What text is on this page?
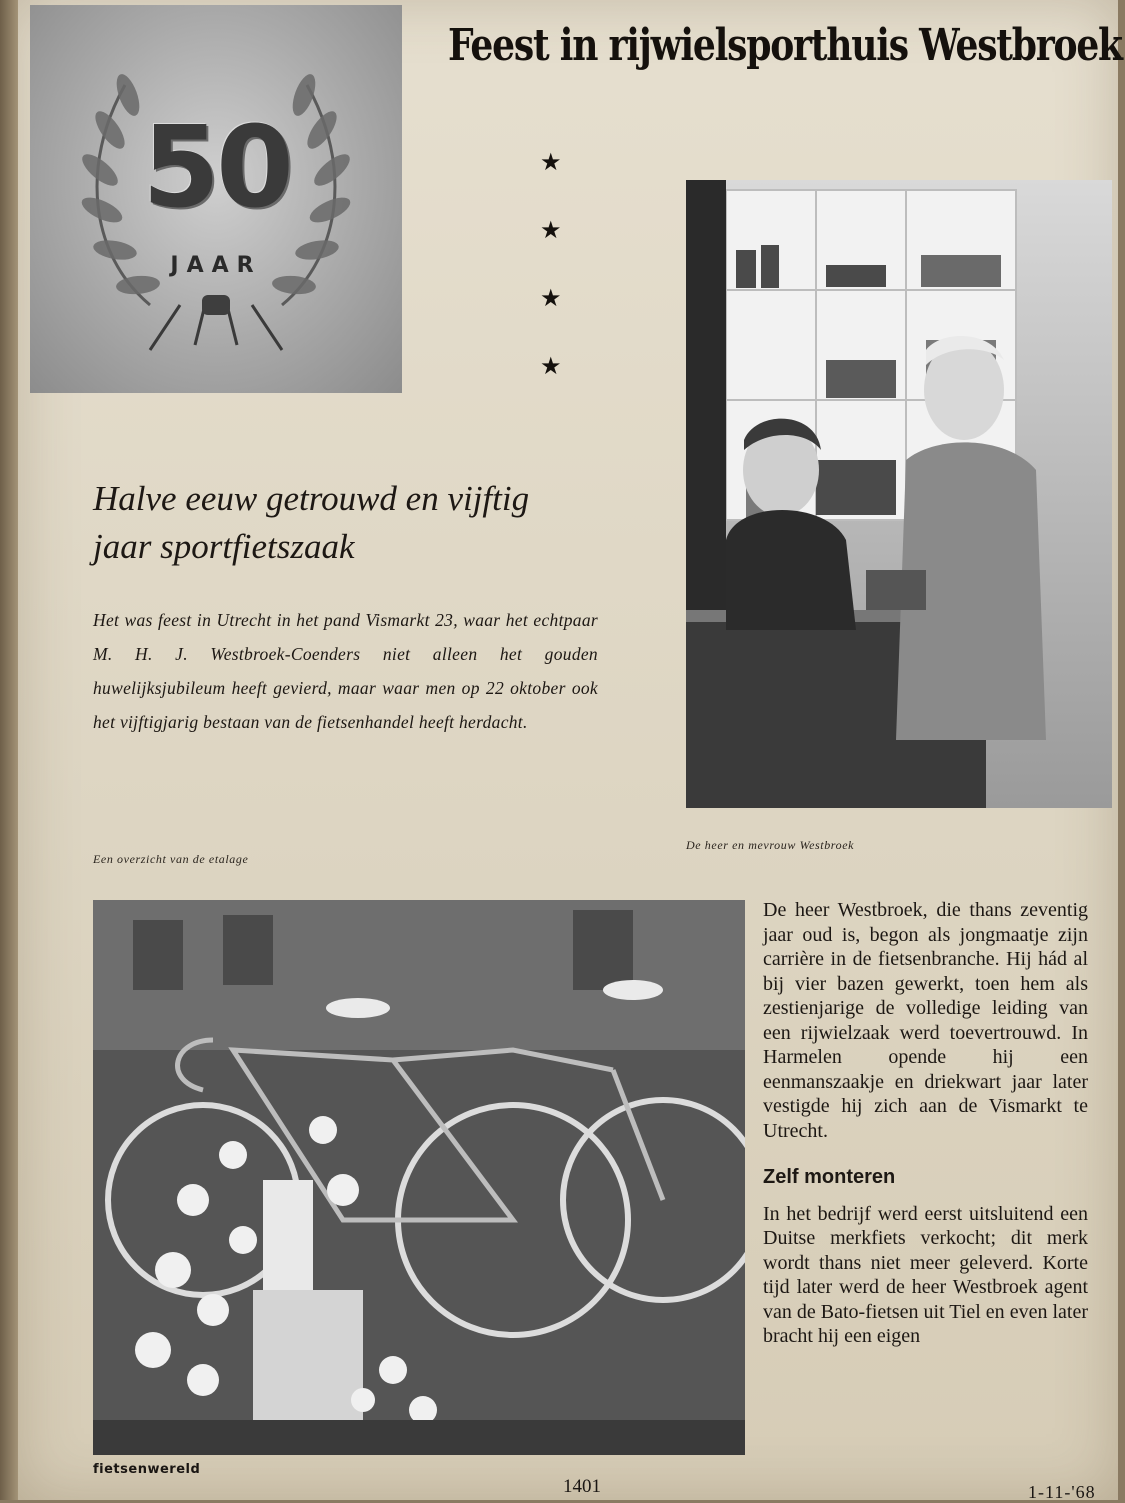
50
JAAR
Feest in rijwielsporthuis Westbroek
★
★
★
★
De heer en mevrouw Westbroek
Halve eeuw getrouwd en vijftig
jaar sportfietszaak
Het was feest in Utrecht in het pand Vismarkt 23, waar het echtpaar M. H. J. Westbroek-Coenders niet alleen het gouden huwelijksjubileum heeft gevierd, maar waar men op 22 oktober ook het vijftigjarig bestaan van de fietsenhandel heeft herdacht.
Een overzicht van de etalage

De heer Westbroek, die thans zeventig jaar oud is, begon als jongmaatje zijn carrière in de fietsenbranche. Hij hád al bij vier bazen gewerkt, toen hem als zestienjarige de volledige leiding van een rijwielzaak werd toevertrouwd. In Harmelen opende hij een eenmanszaakje en driekwart jaar later vestigde hij zich aan de Vismarkt te Utrecht.

Zelf monteren

In het bedrijf werd eerst uitsluitend een Duitse merkfiets verkocht; dit merk wordt thans niet meer geleverd. Korte tijd later werd de heer Westbroek agent van de Bato-fietsen uit Tiel en even later bracht hij een eigen

fietsenwereld
1401	1-11-'68
